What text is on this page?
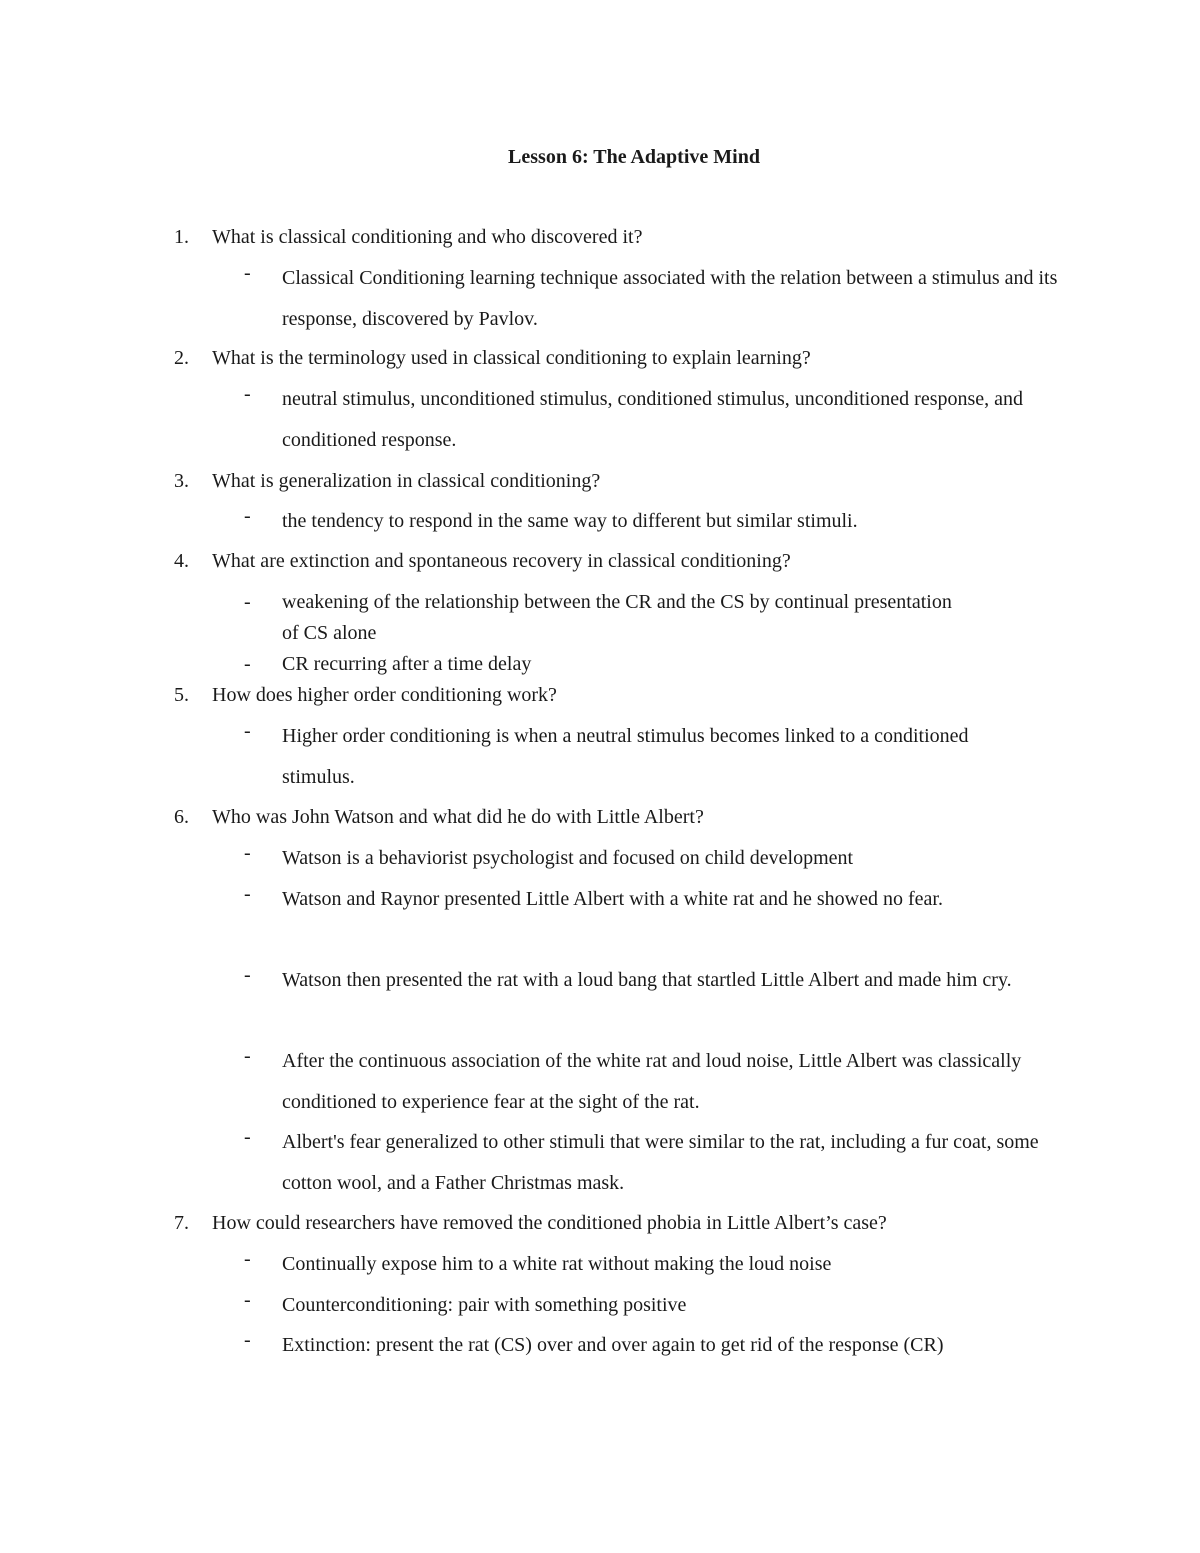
Lesson 6: The Adaptive Mind
1. What is classical conditioning and who discovered it?
- Classical Conditioning learning technique associated with the relation between a stimulus and its response, discovered by Pavlov.
2. What is the terminology used in classical conditioning to explain learning?
- neutral stimulus, unconditioned stimulus, conditioned stimulus, unconditioned response, and conditioned response.
3. What is generalization in classical conditioning?
- the tendency to respond in the same way to different but similar stimuli.
4. What are extinction and spontaneous recovery in classical conditioning?
- weakening of the relationship between the CR and the CS by continual presentation of CS alone
- CR recurring after a time delay
5. How does higher order conditioning work?
- Higher order conditioning is when a neutral stimulus becomes linked to a conditioned stimulus.
6. Who was John Watson and what did he do with Little Albert?
- Watson is a behaviorist psychologist and focused on child development
- Watson and Raynor presented Little Albert with a white rat and he showed no fear.
- Watson then presented the rat with a loud bang that startled Little Albert and made him cry.
- After the continuous association of the white rat and loud noise, Little Albert was classically conditioned to experience fear at the sight of the rat.
- Albert's fear generalized to other stimuli that were similar to the rat, including a fur coat, some cotton wool, and a Father Christmas mask.
7. How could researchers have removed the conditioned phobia in Little Albert’s case?
- Continually expose him to a white rat without making the loud noise
- Counterconditioning: pair with something positive
- Extinction: present the rat (CS) over and over again to get rid of the response (CR)
